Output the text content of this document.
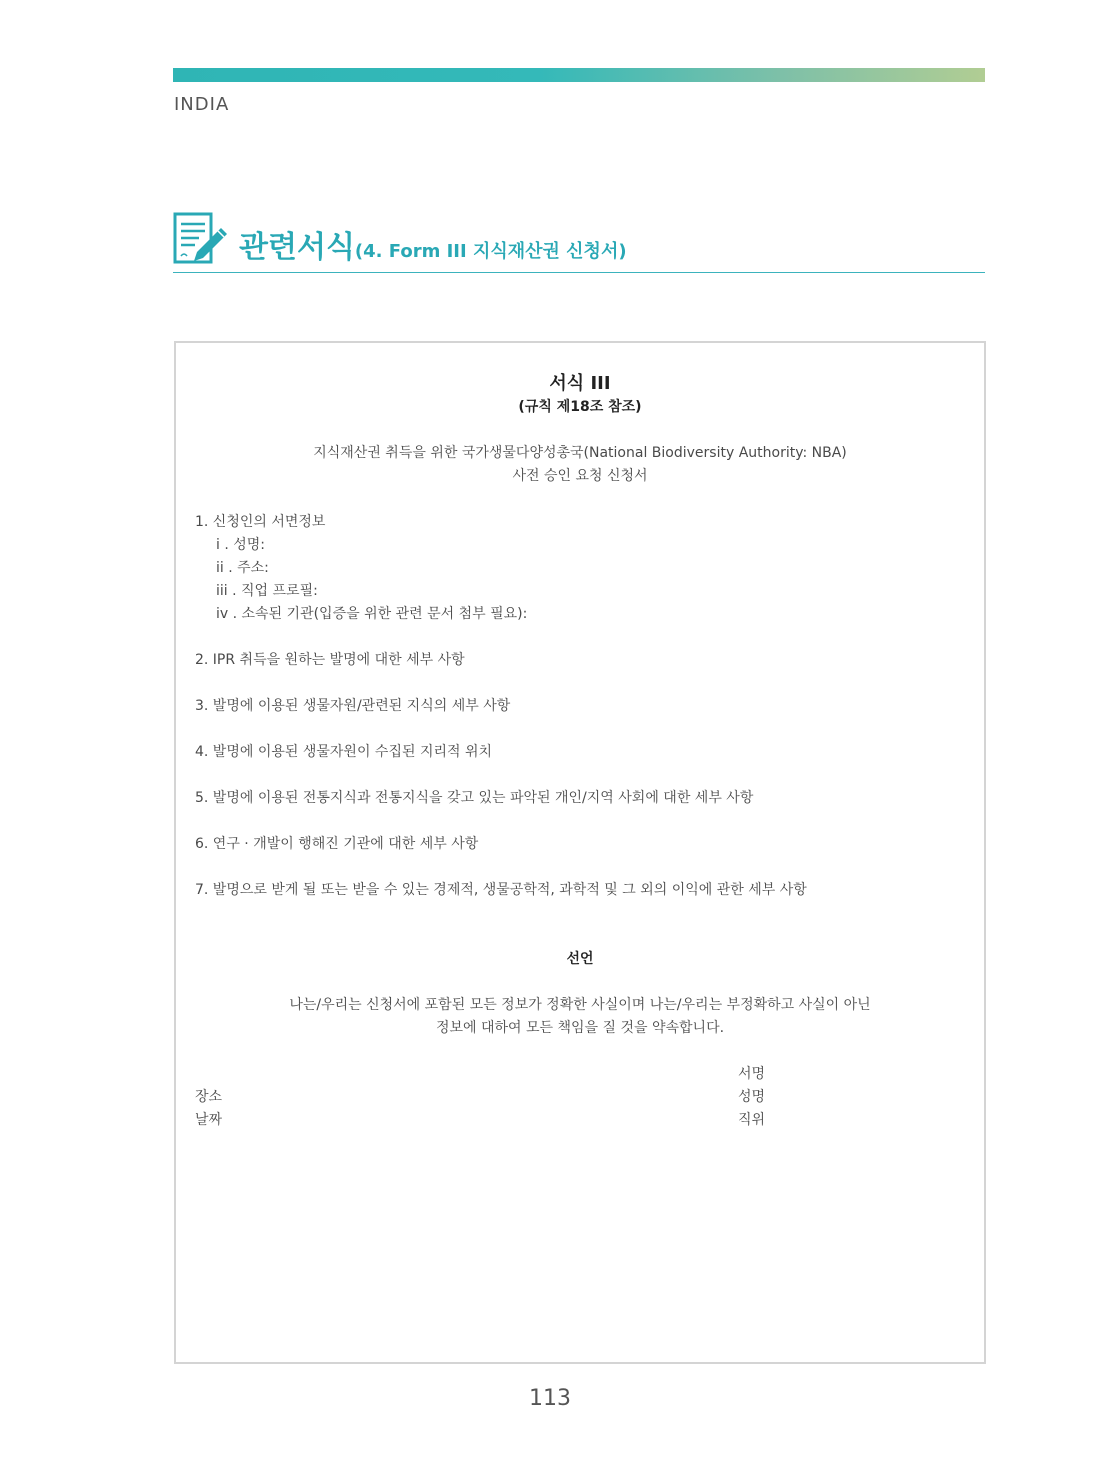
INDIA
관련서식(4. Form III 지식재산권 신청서)
서식 III
(규칙 제18조 참조)
지식재산권 취득을 위한 국가생물다양성총국(National Biodiversity Authority: NBA)
사전 승인 요청 신청서
1. 신청인의 서면정보
i . 성명:
ii . 주소:
iii . 직업 프로필:
iv . 소속된 기관(입증을 위한 관련 문서 첨부 필요):
2. IPR 취득을 원하는 발명에 대한 세부 사항
3. 발명에 이용된 생물자원/관련된 지식의 세부 사항
4. 발명에 이용된 생물자원이 수집된 지리적 위치
5. 발명에 이용된 전통지식과 전통지식을 갖고 있는 파악된 개인/지역 사회에 대한 세부 사항
6. 연구 · 개발이 행해진 기관에 대한 세부 사항
7. 발명으로 받게 될 또는 받을 수 있는 경제적, 생물공학적, 과학적 및 그 외의 이익에 관한 세부 사항
선언
나는/우리는 신청서에 포함된 모든 정보가 정확한 사실이며 나는/우리는 부정확하고 사실이 아닌
정보에 대하여 모든 책임을 질 것을 약속합니다.
서명
장소	성명
날짜	직위
113
